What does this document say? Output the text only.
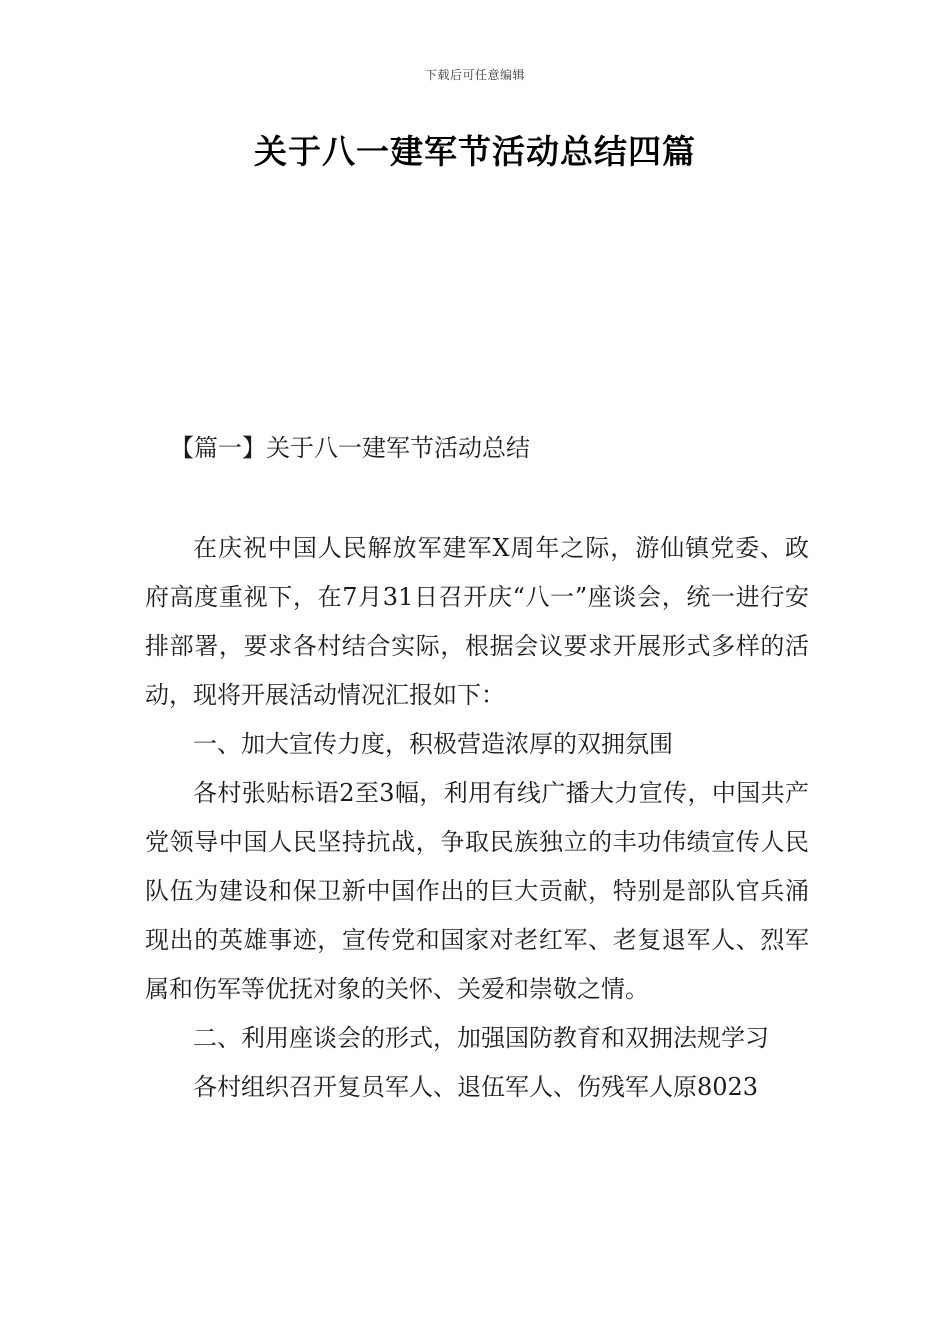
下载后可任意编辑
关于八一建军节活动总结四篇
【篇一】关于八一建军节活动总结

在庆祝中国人民解放军建军X周年之际，游仙镇党委、政府高度重视下，在7月31日召开庆“八一”座谈会，统一进行安排部署，要求各村结合实际，根据会议要求开展形式多样的活动，现将开展活动情况汇报如下：

一、加大宣传力度，积极营造浓厚的双拥氛围

各村张贴标语2至3幅，利用有线广播大力宣传，中国共产党领导中国人民坚持抗战，争取民族独立的丰功伟绩宣传人民队伍为建设和保卫新中国作出的巨大贡献，特别是部队官兵涌现出的英雄事迹，宣传党和国家对老红军、老复退军人、烈军属和伤军等优抚对象的关怀、关爱和崇敬之情。

二、利用座谈会的形式，加强国防教育和双拥法规学习

各村组织召开复员军人、退伍军人、伤残军人原8023
